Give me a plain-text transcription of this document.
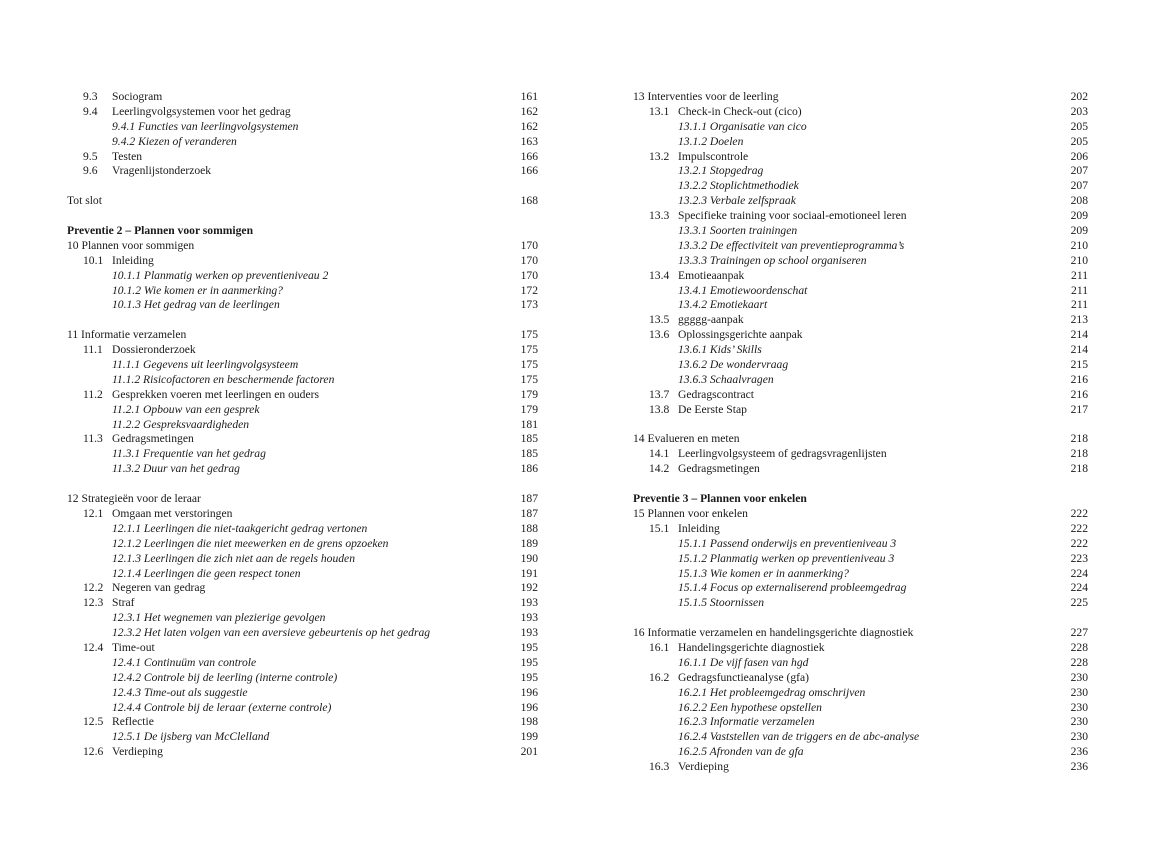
9.3 Sociogram	161
9.4 Leerlingvolgsystemen voor het gedrag	162
9.4.1 Functies van leerlingvolgsystemen	162
9.4.2 Kiezen of veranderen	163
9.5 Testen	166
9.6 Vragenlijstonderzoek	166
Tot slot	168
Preventie 2 – Plannen voor sommigen
10 Plannen voor sommigen	170
10.1 Inleiding	170
10.1.1 Planmatig werken op preventieniveau 2	170
10.1.2 Wie komen er in aanmerking?	172
10.1.3 Het gedrag van de leerlingen	173
11 Informatie verzamelen	175
11.1 Dossieronderzoek	175
11.1.1 Gegevens uit leerlingvolgsysteem	175
11.1.2 Risicofactoren en beschermende factoren	175
11.2 Gesprekken voeren met leerlingen en ouders	179
11.2.1 Opbouw van een gesprek	179
11.2.2 Gespreksvaardigheden	181
11.3 Gedragsmetingen	185
11.3.1 Frequentie van het gedrag	185
11.3.2 Duur van het gedrag	186
12 Strategieën voor de leraar	187
12.1 Omgaan met verstoringen	187
12.1.1 Leerlingen die niet-taakgericht gedrag vertonen	188
12.1.2 Leerlingen die niet meewerken en de grens opzoeken	189
12.1.3 Leerlingen die zich niet aan de regels houden	190
12.1.4 Leerlingen die geen respect tonen	191
12.2 Negeren van gedrag	192
12.3 Straf	193
12.3.1 Het wegnemen van plezierige gevolgen	193
12.3.2 Het laten volgen van een aversieve gebeurtenis op het gedrag	193
12.4 Time-out	195
12.4.1 Continuüm van controle	195
12.4.2 Controle bij de leerling (interne controle)	195
12.4.3 Time-out als suggestie	196
12.4.4 Controle bij de leraar (externe controle)	196
12.5 Reflectie	198
12.5.1 De ijsberg van McClelland	199
12.6 Verdieping	201
13 Interventies voor de leerling	202
13.1 Check-in Check-out (cico)	203
13.1.1 Organisatie van cico	205
13.1.2 Doelen	205
13.2 Impulscontrole	206
13.2.1 Stopgedrag	207
13.2.2 Stoplichtmethodiek	207
13.2.3 Verbale zelfspraak	208
13.3 Specifieke training voor sociaal-emotioneel leren	209
13.3.1 Soorten trainingen	209
13.3.2 De effectiviteit van preventieprogramma’s	210
13.3.3 Trainingen op school organiseren	210
13.4 Emotieaanpak	211
13.4.1 Emotiewoordenschat	211
13.4.2 Emotiekaart	211
13.5 ggggg-aanpak	213
13.6 Oplossingsgerichte aanpak	214
13.6.1 Kids’ Skills	214
13.6.2 De wondervraag	215
13.6.3 Schaalvragen	216
13.7 Gedragscontract	216
13.8 De Eerste Stap	217
14 Evalueren en meten	218
14.1 Leerlingvolgsysteem of gedragsvragenlijsten	218
14.2 Gedragsmetingen	218
Preventie 3 – Plannen voor enkelen
15 Plannen voor enkelen	222
15.1 Inleiding	222
15.1.1 Passend onderwijs en preventieniveau 3	222
15.1.2 Planmatig werken op preventieniveau 3	223
15.1.3 Wie komen er in aanmerking?	224
15.1.4 Focus op externaliserend probleemgedrag	224
15.1.5 Stoornissen	225
16 Informatie verzamelen en handelingsgerichte diagnostiek	227
16.1 Handelingsgerichte diagnostiek	228
16.1.1 De vijf fasen van hgd	228
16.2 Gedragsfunctieanalyse (gfa)	230
16.2.1 Het probleemgedrag omschrijven	230
16.2.2 Een hypothese opstellen	230
16.2.3 Informatie verzamelen	230
16.2.4 Vaststellen van de triggers en de abc-analyse	230
16.2.5 Afronden van de gfa	236
16.3 Verdieping	236
